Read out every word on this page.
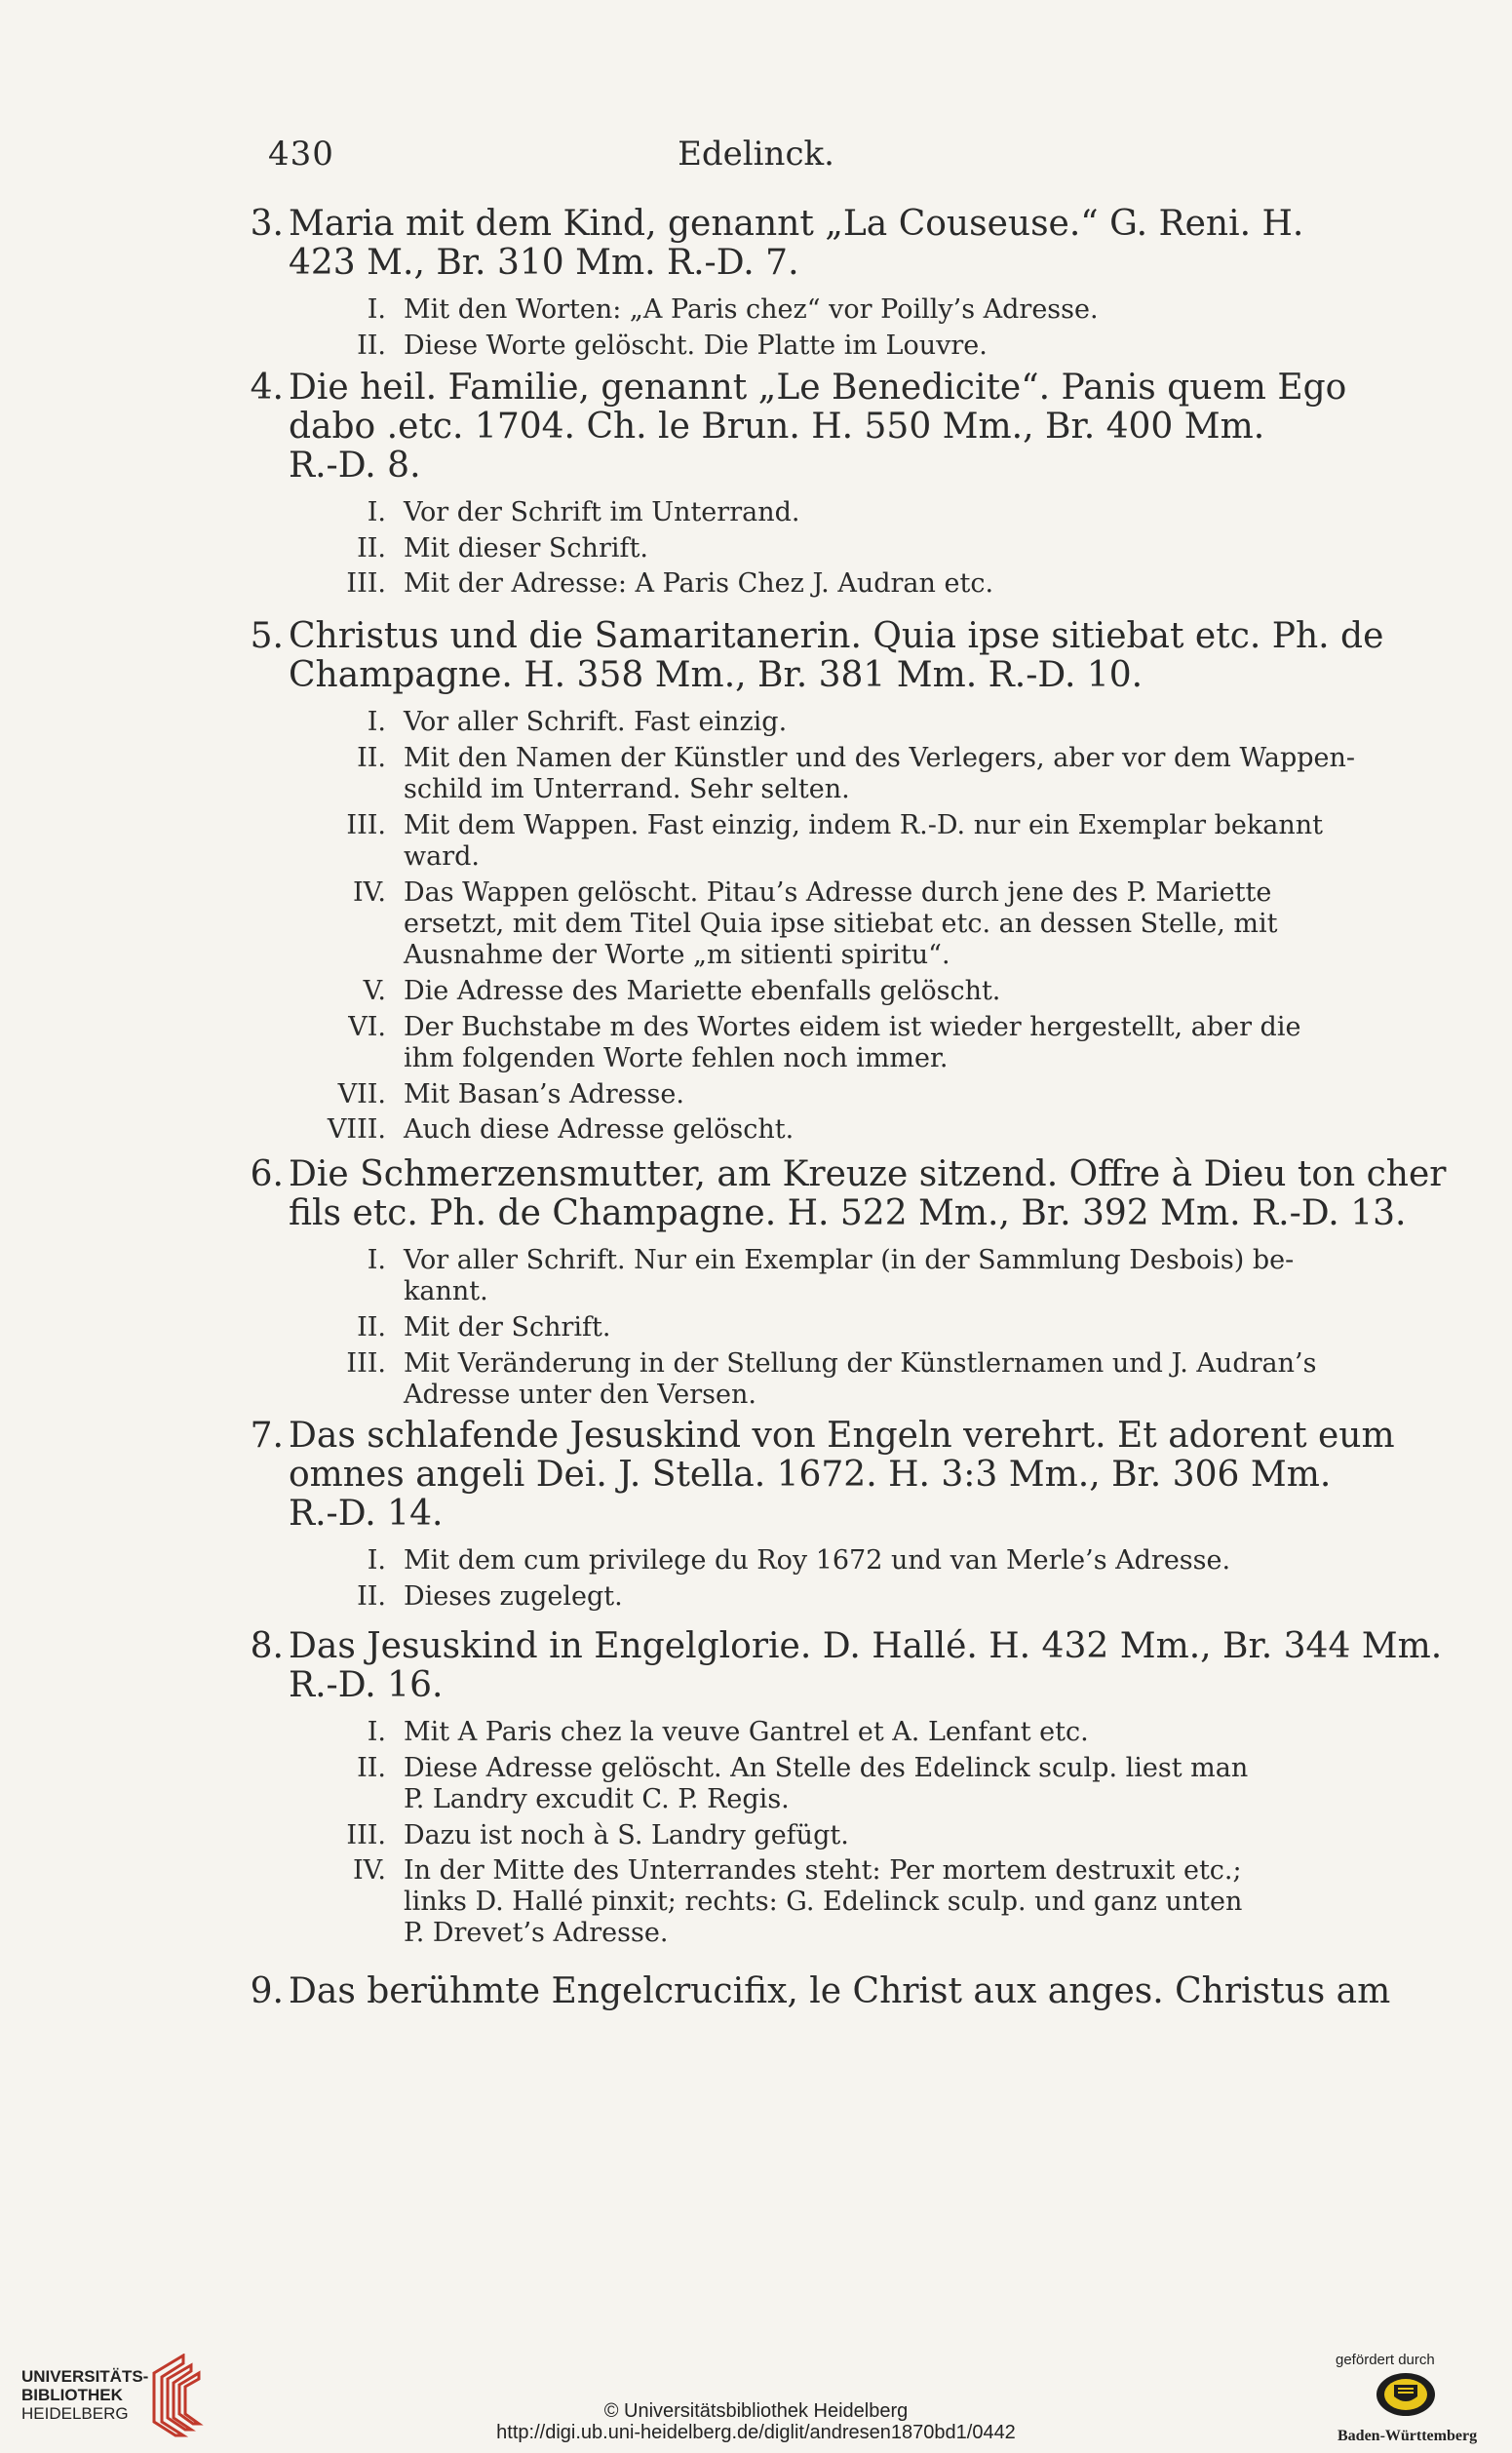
430	Edelinck.
3. Maria mit dem Kind, genannt „La Couseuse.“ G. Reni. H.
423 M., Br. 310 Mm. R.-D. 7.
I. Mit den Worten: „A Paris chez“ vor Poilly’s Adresse.
II. Diese Worte gelöscht. Die Platte im Louvre.
4. Die heil. Familie, genannt „Le Benedicite“. Panis quem Ego
dabo .etc. 1704. Ch. le Brun. H. 550 Mm., Br. 400 Mm.
R.-D. 8.
I. Vor der Schrift im Unterrand.
II. Mit dieser Schrift.
III. Mit der Adresse: A Paris Chez J. Audran etc.
5. Christus und die Samaritanerin. Quia ipse sitiebat etc. Ph. de
Champagne. H. 358 Mm., Br. 381 Mm. R.-D. 10.
I. Vor aller Schrift. Fast einzig.
II. Mit den Namen der Künstler und des Verlegers, aber vor dem Wappen-
schild im Unterrand. Sehr selten.
III. Mit dem Wappen. Fast einzig, indem R.-D. nur ein Exemplar bekannt
ward.
IV. Das Wappen gelöscht. Pitau’s Adresse durch jene des P. Mariette
ersetzt, mit dem Titel Quia ipse sitiebat etc. an dessen Stelle, mit
Ausnahme der Worte „m sitienti spiritu“.
V. Die Adresse des Mariette ebenfalls gelöscht.
VI. Der Buchstabe m des Wortes eidem ist wieder hergestellt, aber die
ihm folgenden Worte fehlen noch immer.
VII. Mit Basan’s Adresse.
VIII. Auch diese Adresse gelöscht.
6. Die Schmerzensmutter, am Kreuze sitzend. Offre à Dieu ton cher
fils etc. Ph. de Champagne. H. 522 Mm., Br. 392 Mm. R.-D. 13.
I. Vor aller Schrift. Nur ein Exemplar (in der Sammlung Desbois) be-
kannt.
II. Mit der Schrift.
III. Mit Veränderung in der Stellung der Künstlernamen und J. Audran’s
Adresse unter den Versen.
7. Das schlafende Jesuskind von Engeln verehrt. Et adorent eum
omnes angeli Dei. J. Stella. 1672. H. 3:3 Mm., Br. 306 Mm.
R.-D. 14.
I. Mit dem cum privilege du Roy 1672 und van Merle’s Adresse.
II. Dieses zugelegt.
8. Das Jesuskind in Engelglorie. D. Hallé. H. 432 Mm., Br. 344 Mm.
R.-D. 16.
I. Mit A Paris chez la veuve Gantrel et A. Lenfant etc.
II. Diese Adresse gelöscht. An Stelle des Edelinck sculp. liest man
P. Landry excudit C. P. Regis.
III. Dazu ist noch à S. Landry gefügt.
IV. In der Mitte des Unterrandes steht: Per mortem destruxit etc.;
links D. Hallé pinxit; rechts: G. Edelinck sculp. und ganz unten
P. Drevet’s Adresse.
9. Das berühmte Engelcrucifix, le Christ aux anges. Christus am
UNIVERSITÄTS-
BIBLIOTHEK
HEIDELBERG	© Universitätsbibliothek Heidelberg
http://digi.ub.uni-heidelberg.de/diglit/andresen1870bd1/0442
gefördert durch
Baden-Württemberg
